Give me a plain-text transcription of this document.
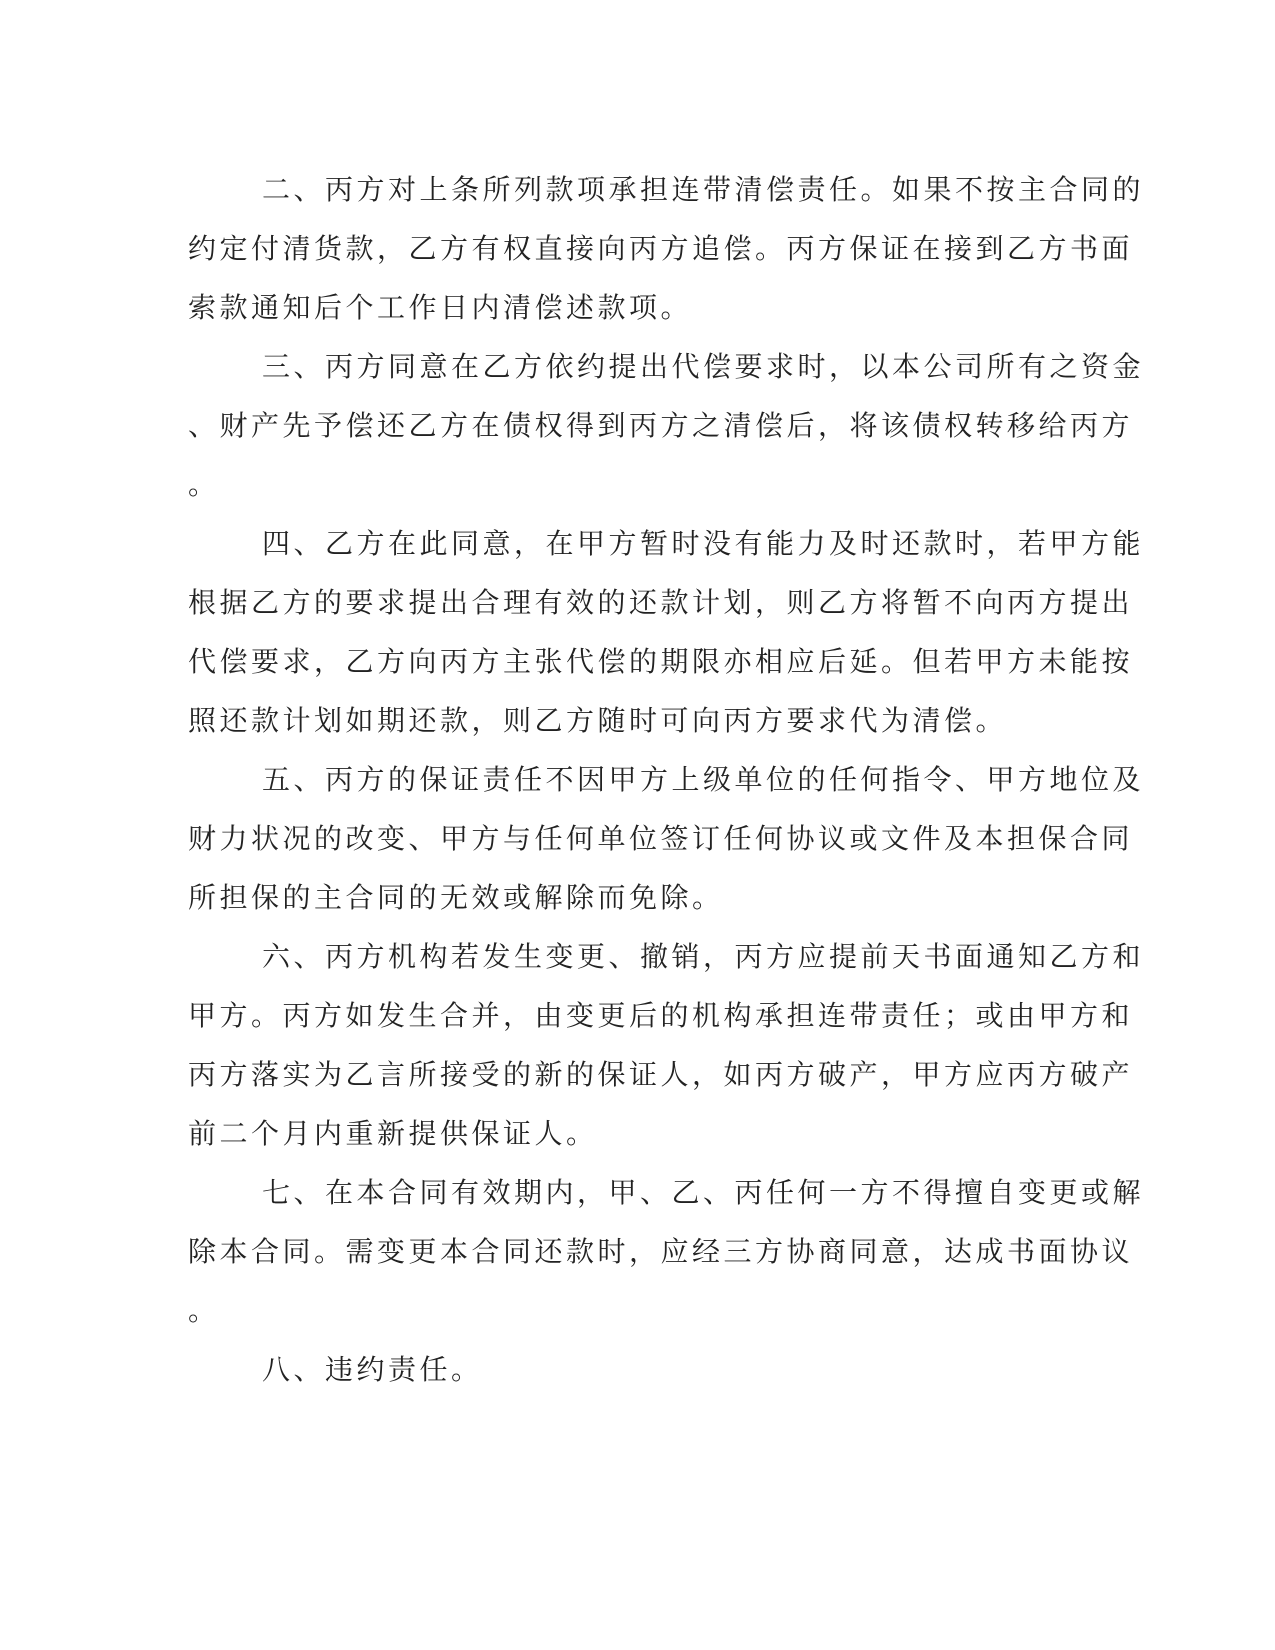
二、丙方对上条所列款项承担连带清偿责任。如果不按主合同的
约定付清货款，乙方有权直接向丙方追偿。丙方保证在接到乙方书面
索款通知后个工作日内清偿述款项。
三、丙方同意在乙方依约提出代偿要求时，以本公司所有之资金
、财产先予偿还乙方在债权得到丙方之清偿后，将该债权转移给丙方
。
四、乙方在此同意，在甲方暂时没有能力及时还款时，若甲方能
根据乙方的要求提出合理有效的还款计划，则乙方将暂不向丙方提出
代偿要求，乙方向丙方主张代偿的期限亦相应后延。但若甲方未能按
照还款计划如期还款，则乙方随时可向丙方要求代为清偿。
五、丙方的保证责任不因甲方上级单位的任何指令、甲方地位及
财力状况的改变、甲方与任何单位签订任何协议或文件及本担保合同
所担保的主合同的无效或解除而免除。
六、丙方机构若发生变更、撤销，丙方应提前天书面通知乙方和
甲方。丙方如发生合并，由变更后的机构承担连带责任；或由甲方和
丙方落实为乙言所接受的新的保证人，如丙方破产，甲方应丙方破产
前二个月内重新提供保证人。
七、在本合同有效期内，甲、乙、丙任何一方不得擅自变更或解
除本合同。需变更本合同还款时，应经三方协商同意，达成书面协议
。
八、违约责任。
